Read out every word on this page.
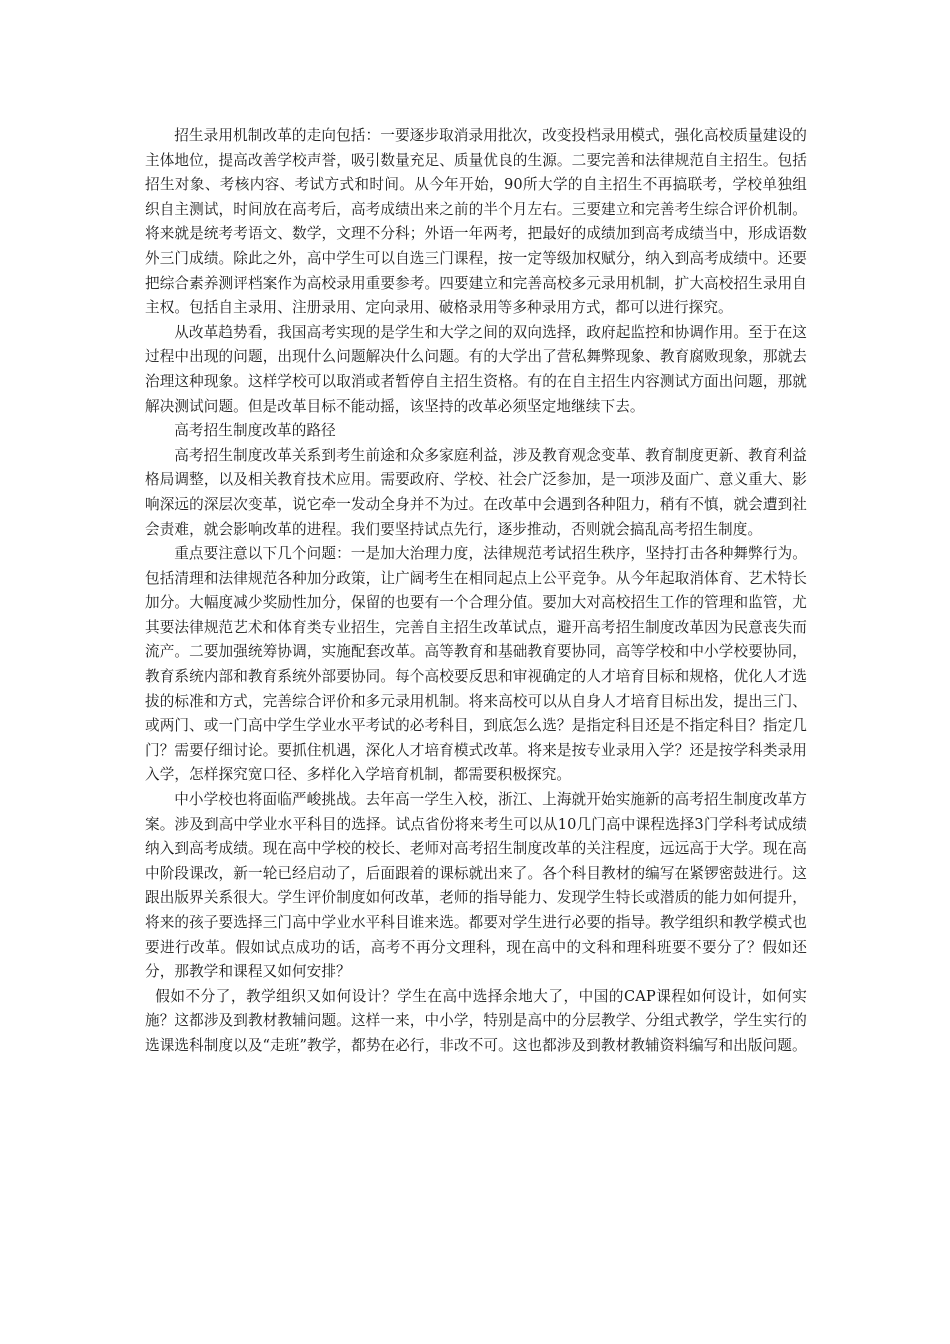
招生录用机制改革的走向包括：一要逐步取消录用批次，改变投档录用模式，强化高校质量建设的主体地位，提高改善学校声誉，吸引数量充足、质量优良的生源。二要完善和法律规范自主招生。包括招生对象、考核内容、考试方式和时间。从今年开始，90所大学的自主招生不再搞联考，学校单独组织自主测试，时间放在高考后，高考成绩出来之前的半个月左右。三要建立和完善考生综合评价机制。将来就是统考考语文、数学，文理不分科；外语一年两考，把最好的成绩加到高考成绩当中，形成语数外三门成绩。除此之外，高中学生可以自选三门课程，按一定等级加权赋分，纳入到高考成绩中。还要把综合素养测评档案作为高校录用重要参考。四要建立和完善高校多元录用机制，扩大高校招生录用自主权。包括自主录用、注册录用、定向录用、破格录用等多种录用方式，都可以进行探究。

从改革趋势看，我国高考实现的是学生和大学之间的双向选择，政府起监控和协调作用。至于在这过程中出现的问题，出现什么问题解决什么问题。有的大学出了营私舞弊现象、教育腐败现象，那就去治理这种现象。这样学校可以取消或者暂停自主招生资格。有的在自主招生内容测试方面出问题，那就解决测试问题。但是改革目标不能动摇，该坚持的改革必须坚定地继续下去。

高考招生制度改革的路径

高考招生制度改革关系到考生前途和众多家庭利益，涉及教育观念变革、教育制度更新、教育利益格局调整，以及相关教育技术应用。需要政府、学校、社会广泛参加，是一项涉及面广、意义重大、影响深远的深层次变革，说它牵一发动全身并不为过。在改革中会遇到各种阻力，稍有不慎，就会遭到社会责难，就会影响改革的进程。我们要坚持试点先行，逐步推动，否则就会搞乱高考招生制度。

重点要注意以下几个问题：一是加大治理力度，法律规范考试招生秩序，坚持打击各种舞弊行为。包括清理和法律规范各种加分政策，让广阔考生在相同起点上公平竞争。从今年起取消体育、艺术特长加分。大幅度减少奖励性加分，保留的也要有一个合理分值。要加大对高校招生工作的管理和监管，尤其要法律规范艺术和体育类专业招生，完善自主招生改革试点，避开高考招生制度改革因为民意丧失而流产。二要加强统筹协调，实施配套改革。高等教育和基础教育要协同，高等学校和中小学校要协同，教育系统内部和教育系统外部要协同。每个高校要反思和审视确定的人才培育目标和规格，优化人才选拔的标准和方式，完善综合评价和多元录用机制。将来高校可以从自身人才培育目标出发，提出三门、或两门、或一门高中学生学业水平考试的必考科目，到底怎么选？是指定科目还是不指定科目？指定几门？需要仔细讨论。要抓住机遇，深化人才培育模式改革。将来是按专业录用入学？还是按学科类录用入学，怎样探究宽口径、多样化入学培育机制，都需要积极探究。

中小学校也将面临严峻挑战。去年高一学生入校，浙江、上海就开始实施新的高考招生制度改革方案。涉及到高中学业水平科目的选择。试点省份将来考生可以从10几门高中课程选择3门学科考试成绩纳入到高考成绩。现在高中学校的校长、老师对高考招生制度改革的关注程度，远远高于大学。现在高中阶段课改，新一轮已经启动了，后面跟着的课标就出来了。各个科目教材的编写在紧锣密鼓进行。这跟出版界关系很大。学生评价制度如何改革，老师的指导能力、发现学生特长或潜质的能力如何提升，将来的孩子要选择三门高中学业水平科目谁来选。都要对学生进行必要的指导。教学组织和教学模式也要进行改革。假如试点成功的话，高考不再分文理科，现在高中的文科和理科班要不要分了？假如还分，那教学和课程又如何安排？

假如不分了，教学组织又如何设计？学生在高中选择余地大了，中国的CAP课程如何设计，如何实施？这都涉及到教材教辅问题。这样一来，中小学，特别是高中的分层教学、分组式教学，学生实行的选课选科制度以及“走班”教学，都势在必行，非改不可。这也都涉及到教材教辅资料编写和出版问题。
